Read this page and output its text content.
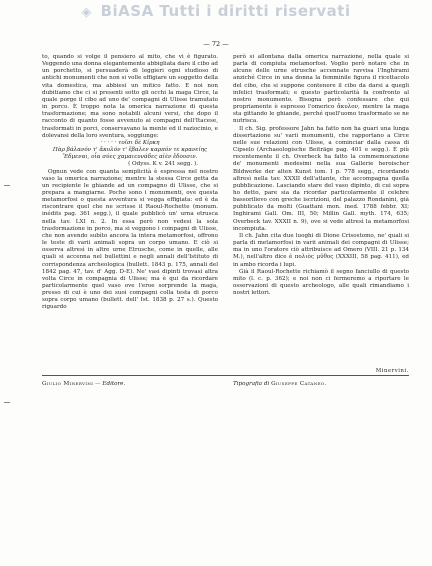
◈ BiASA Tutti i diritti riservati
— 72 —

to, quando si volge il pensiero al mito, che vi è figurato. Veggendo una donna elegantemente abbigliata dare il cibo ad un porchetto, si persuaderà di leggieri ogni studioso di antichi monumenti che non si volle effigiare un soggetto della vita domestica, ma abbiesi un mitico fatto. E noi non dubitiamo che ci si presenti sotto gli occhi la maga Circe, la quale porge il cibo ad uno de' compagni di Ulisse tramutato in porco. È troppo nota la omerica narrazione di questa trasformazione; ma sono notabili alcuni versi, che dopo il racconto di quanto fosse avvenuto ai compagni dell'Itacese, trasformati in porci, conservavano la mente ed il raziocinio, e dolevansi della loro sventura, soggiunge:

· · · · · τοῖσι δὲ Κίρκη

Πὰρ βάλανόν τ' ἄκυλόν τ' ἔβαλεν καρπόν τε κρανείης Ἔδμεναι, οἷα σύες χαμαιευνάδες αἰὲν ἔδουσιν.

( Odyss. K v. 241 segg. ).

Ognun vede con quanta semplicità è espressa nel nostro vaso la omerica narrazione; mentre la stessa Circe getta da un recipiente le ghiande ad un compagno di Ulisse, che si prepara a mangiarne. Poche sono i monumenti, ove questa metamorfosi o questa avventura si vegga effigiata: ed è da riscontrare quel che ne scrisse il Raoul-Rochette (monum. inédits pag. 361 segg.), il quale pubblicò un' urna etrusca nella tav. LXI n. 2. In essa però non vedesi la sola trasformazione in porco, ma si veggono i compagni di Ulisse, che non avendo subìto ancora la intera metamorfosi, offrono le teste di varii animali sopra un corpo umano. E ciò si osserva altresì in altre urne Etrusche, come in quelle, alle quali si accenna nel bullettini e negli annali dell'Istituto di corrispondenza archeologica (bullett. 1843 p. 175, annali del 1842 pag. 47, tav. d' Agg. D-E). Ne' vasi dipinti trovasi altra volta Circe in compagnia di Ulisse; ma è qui da ricordare particolarmente quel vaso ove l'eroe sorprende la maga, presso di cui è uno dei suoi compagni colla testa di porco sopra corpo umano (bullett. dell' Ist. 1838 p. 27 s.). Questo riguardo

però si allontana dalla omerica narrazione, nella quale si parla di compiuta metamorfosi. Voglio però notare che in alcune delle urne etrusche accennate ravvisa l'Inghirami anziché Circe in una donna la femminile figura il ricettacolo del cibo, che si suppone contenere il cibo da darsi a quegli infelici trasformati; e questo particolarità fa confronto al nostro monumento. Bisogna però confessare che qui propriamente è espresso l'omerico ἄκυλον, mentre la maga sta gittando le ghiande, perché quell'uomo trasformato se ne nutrisca.

Il ch. Sig. professore Jahn ha fatto non ha guari una lunga dissertazione su' varii monumenti, che rapportano a Circe nelle sue relazioni con Ulisse, a cominciar dalla cassa di Cipselo (Archaeologische Beiträge pag. 401 e segg.). È più recentemente il ch. Overbeck ha fatto la commemorazione de' monumenti medesimi nella sua Gallerie heroischer Bildwerke der alten Kunst tom. I p. 778 segg., ricordando altresì nella tav. XXXII dell'atlante, che accompagna quella pubblicazione. Lasciando stare del vaso dipinto, di cui sopra ho detto, pare sia da ricordar particolarmente il celebre bassorilievo con greche iscrizioni, del palazzo Rondanini, già pubblicato da molti (Guattani mon. ined. 1788 febbr. XI; Inghirami Gall. Om. III, 50; Millin Gall. myth. 174, 635; Overbeck tav. XXXII n. 9), ove si vede altresì la metamorfosi incompiuta.

Il ch. Jahn cita due luoghi di Dione Crisostomo, ne' quali si parla di metamorfosi in varii animali dei compagni di Ulisse; ma in uno l'oratore ciò attribuisce ad Omero (VIII. 21 p. 134 M.), nell'altro dice è πολιὸς μῦθος (XXXIII, 58 pag. 411), ed in ambo ricorda i lupi.

Già il Raoul-Rochette richiamò il segno fanciullo di questo mito (l. c. p. 362); e noi non ci fermeremo a riportare le osservazioni di questo archeologo, alle quali rimandiamo i nostri lettori.

Minervini.
Giulio Minervini — Editore.	Tipografia di Giuseppe Cataneo.
